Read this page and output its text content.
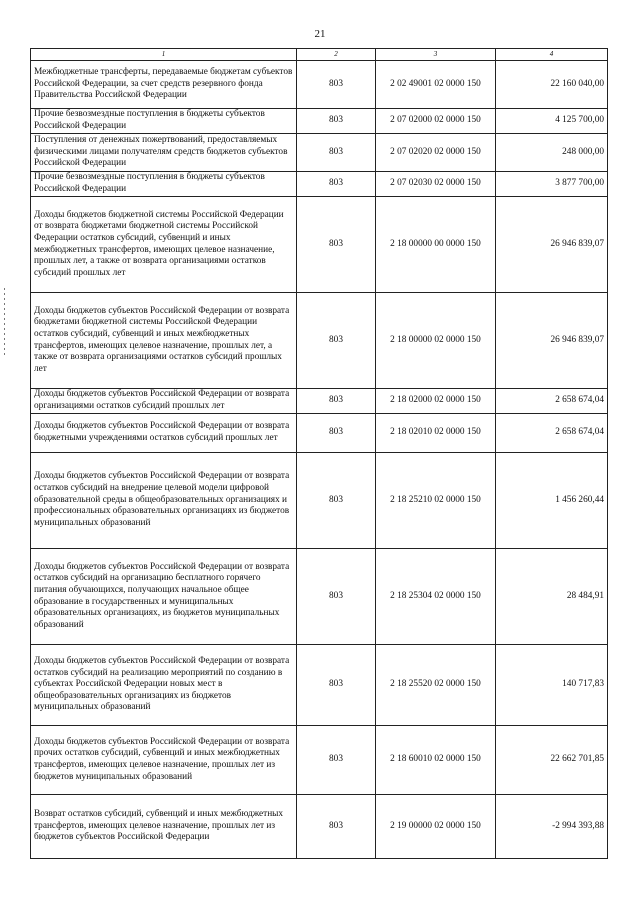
21
1	2	3	4
Межбюджетные трансферты, передаваемые бюджетам субъектов Российской Федерации, за счет средств резервного фонда Правительства Российской Федерации	803	2 02 49001 02 0000 150	22 160 040,00
Прочие безвозмездные поступления в бюджеты субъектов Российской Федерации	803	2 07 02000 02 0000 150	4 125 700,00
Поступления от денежных пожертвований, предоставляемых физическими лицами получателям средств бюджетов субъектов Российской Федерации	803	2 07 02020 02 0000 150	248 000,00
Прочие безвозмездные поступления в бюджеты субъектов Российской Федерации	803	2 07 02030 02 0000 150	3 877 700,00
Доходы бюджетов бюджетной системы Российской Федерации от возврата бюджетами бюджетной системы Российской Федерации остатков субсидий, субвенций и иных межбюджетных трансфертов, имеющих целевое назначение, прошлых лет, а также от возврата организациями остатков субсидий прошлых лет	803	2 18 00000 00 0000 150	26 946 839,07
Доходы бюджетов субъектов Российской Федерации от возврата бюджетами бюджетной системы Российской Федерации остатков субсидий, субвенций и иных межбюджетных трансфертов, имеющих целевое назначение, прошлых лет, а также от возврата организациями остатков субсидий прошлых лет	803	2 18 00000 02 0000 150	26 946 839,07
Доходы бюджетов субъектов Российской Федерации от возврата организациями остатков субсидий прошлых лет	803	2 18 02000 02 0000 150	2 658 674,04
Доходы бюджетов субъектов Российской Федерации от возврата бюджетными учреждениями остатков субсидий прошлых лет	803	2 18 02010 02 0000 150	2 658 674,04
Доходы бюджетов субъектов Российской Федерации от возврата остатков субсидий на внедрение целевой модели цифровой образовательной среды в общеобразовательных организациях и профессиональных образовательных организациях из бюджетов муниципальных образований	803	2 18 25210 02 0000 150	1 456 260,44
Доходы бюджетов субъектов Российской Федерации от возврата остатков субсидий на организацию бесплатного горячего питания обучающихся, получающих начальное общее образование в государственных и муниципальных образовательных организациях, из бюджетов муниципальных образований	803	2 18 25304 02 0000 150	28 484,91
Доходы бюджетов субъектов Российской Федерации от возврата остатков субсидий на реализацию мероприятий по созданию в субъектах Российской Федерации новых мест в общеобразовательных организациях из бюджетов муниципальных образований	803	2 18 25520 02 0000 150	140 717,83
Доходы бюджетов субъектов Российской Федерации от возврата прочих остатков субсидий, субвенций и иных межбюджетных трансфертов, имеющих целевое назначение, прошлых лет из бюджетов муниципальных образований	803	2 18 60010 02 0000 150	22 662 701,85
Возврат остатков субсидий, субвенций и иных межбюджетных трансфертов, имеющих целевое назначение, прошлых лет из бюджетов субъектов Российской Федерации	803	2 19 00000 02 0000 150	-2 994 393,88
